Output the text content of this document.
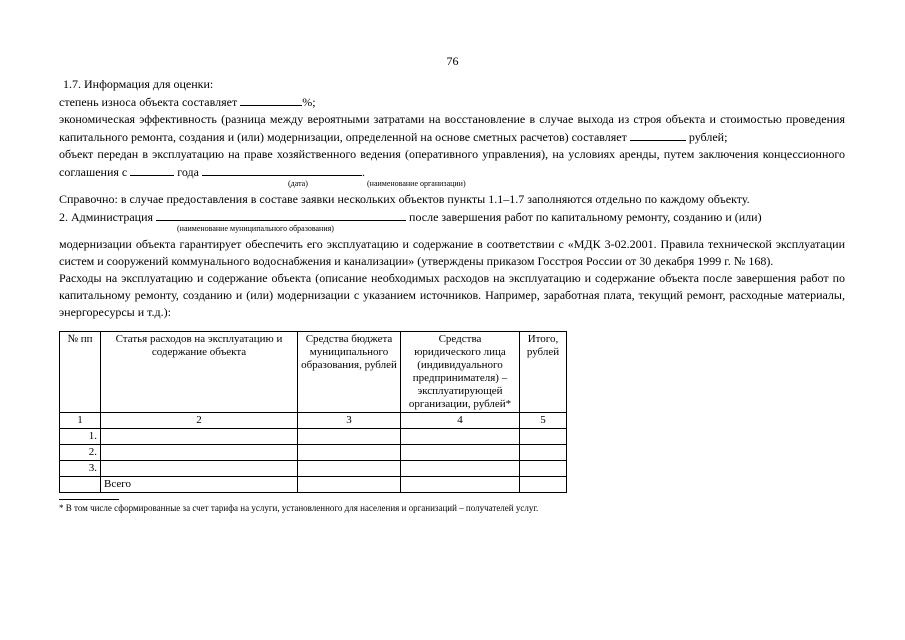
76

1.7. Информация для оценки:

степень износа объекта составляет	%;

экономическая эффективность (разница между вероятными затратами на восстановление в случае выхода из строя объекта и стоимостью проведения капитального ремонта, создания и (или) модернизации, определенной на основе сметных расчетов) составляет	рублей;

объект передан в эксплуатацию на праве хозяйственного ведения (оперативного управления), на условиях аренды, путем заключения концессионного соглашения с	года	.

(дата)	(наименование организации)

Справочно: в случае предоставления в составе заявки нескольких объектов пункты 1.1–1.7 заполняются отдельно по каждому объекту.

2. Администрация	после завершения работ по капитальному ремонту, созданию и (или)

(наименование муниципального образования)

модернизации объекта гарантирует обеспечить его эксплуатацию и содержание в соответствии с «МДК 3-02.2001. Правила технической эксплуатации систем и сооружений коммунального водоснабжения и канализации» (утверждены приказом Госстроя России от 30 декабря 1999 г. № 168).

Расходы на эксплуатацию и содержание объекта (описание необходимых расходов на эксплуатацию и содержание объекта после завершения работ по капитальному ремонту, созданию и (или) модернизации с указанием источников. Например, заработная плата, текущий ремонт, расходные материалы, энергоресурсы и т.д.):

№ пп	Статья расходов на эксплуатацию и содержание объекта	Средства бюджета муниципального образования, рублей	Средства юридического лица (индивидуального предпринимателя) – эксплуатирующей организации, рублей*	Итого, рублей
1	2	3	4	5
1.				
2.				
3.				
	Всего			
* В том числе сформированные за счет тарифа на услуги, установленного для населения и организаций – получателей услуг.
